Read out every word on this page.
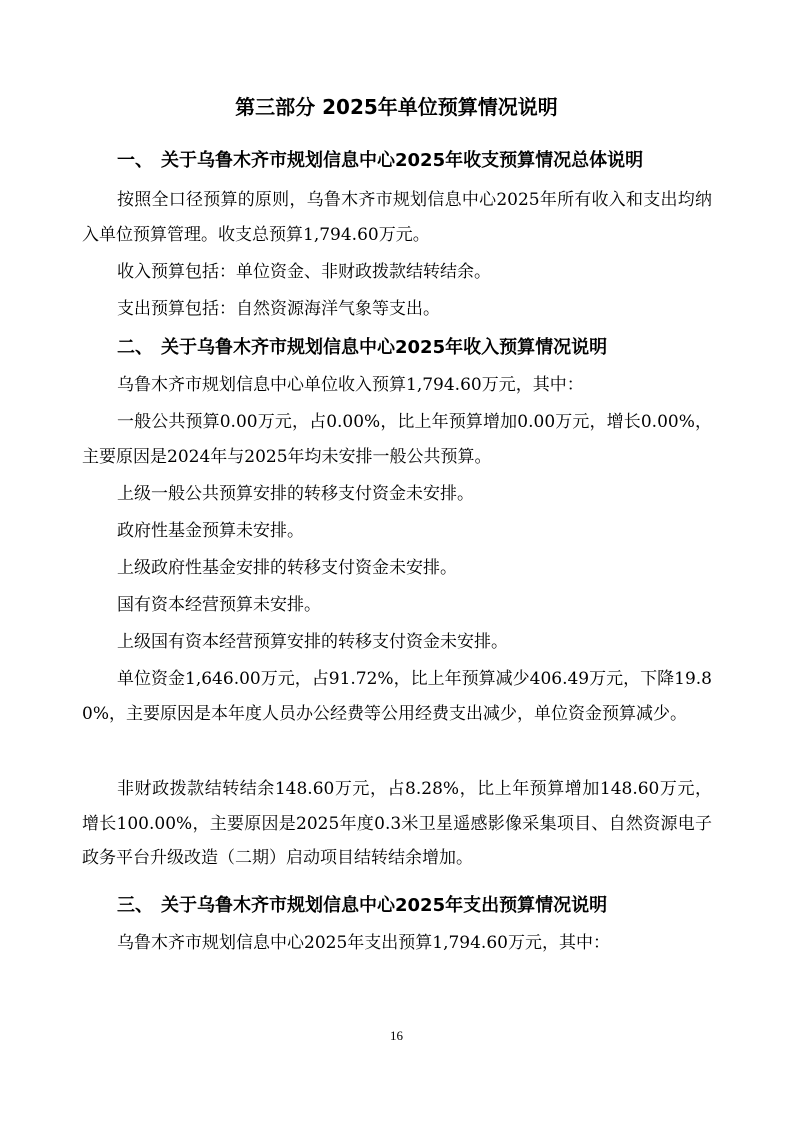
第三部分 2025年单位预算情况说明
一、 关于乌鲁木齐市规划信息中心2025年收支预算情况总体说明
按照全口径预算的原则，乌鲁木齐市规划信息中心2025年所有收入和支出均纳入单位预算管理。收支总预算1,794.60万元。
收入预算包括：单位资金、非财政拨款结转结余。
支出预算包括：自然资源海洋气象等支出。
二、 关于乌鲁木齐市规划信息中心2025年收入预算情况说明
乌鲁木齐市规划信息中心单位收入预算1,794.60万元，其中：
一般公共预算0.00万元，占0.00%，比上年预算增加0.00万元，增长0.00%，主要原因是2024年与2025年均未安排一般公共预算。
上级一般公共预算安排的转移支付资金未安排。
政府性基金预算未安排。
上级政府性基金安排的转移支付资金未安排。
国有资本经营预算未安排。
上级国有资本经营预算安排的转移支付资金未安排。
单位资金1,646.00万元，占91.72%，比上年预算减少406.49万元，下降19.80%，主要原因是本年度人员办公经费等公用经费支出减少，单位资金预算减少。
非财政拨款结转结余148.60万元，占8.28%，比上年预算增加148.60万元，增长100.00%，主要原因是2025年度0.3米卫星遥感影像采集项目、自然资源电子政务平台升级改造（二期）启动项目结转结余增加。
三、 关于乌鲁木齐市规划信息中心2025年支出预算情况说明
乌鲁木齐市规划信息中心2025年支出预算1,794.60万元，其中：
16
